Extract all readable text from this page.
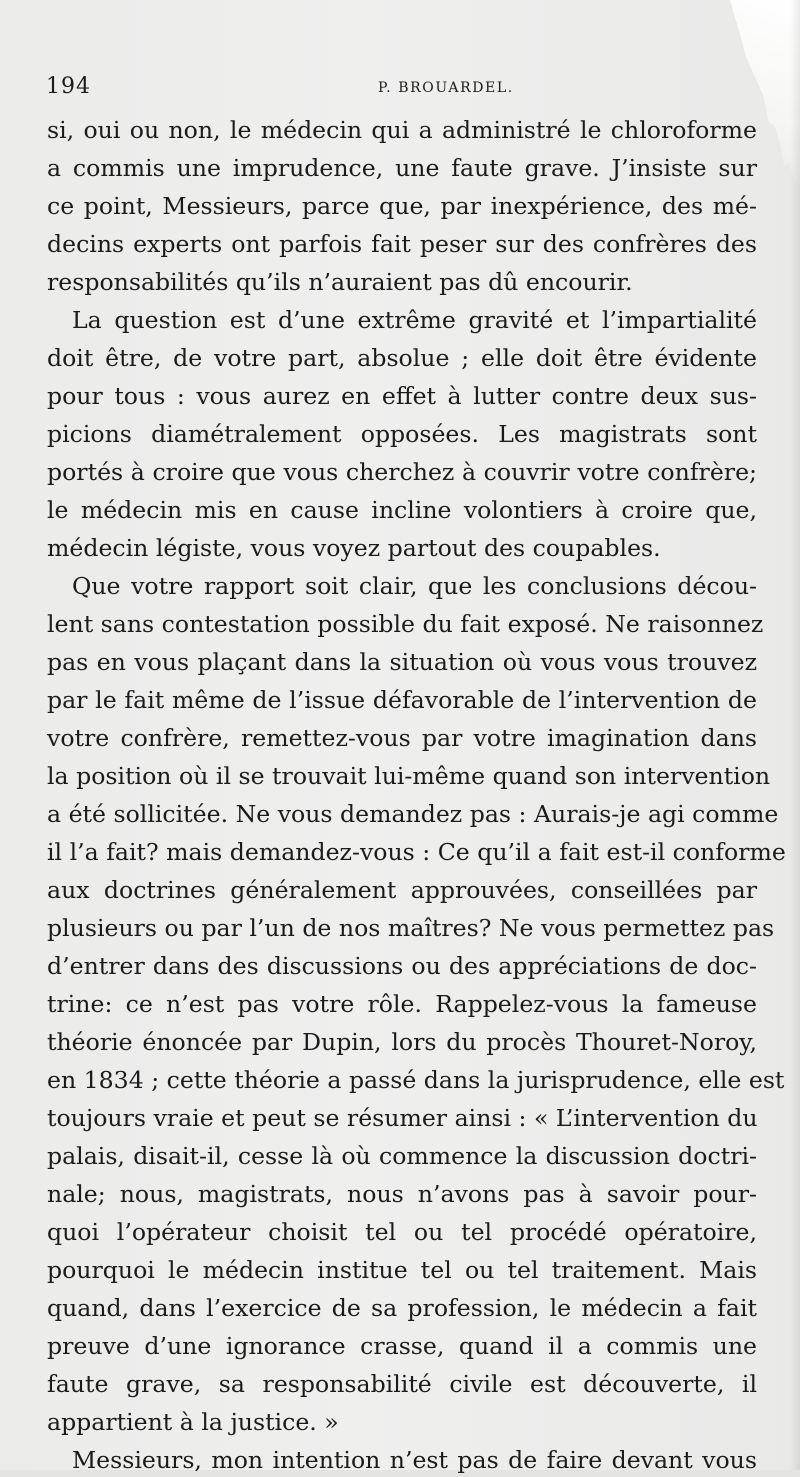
194	P. BROUARDEL.
si, oui ou non, le médecin qui a administré le chloroforme
a commis une imprudence, une faute grave. J’insiste sur
ce point, Messieurs, parce que, par inexpérience, des mé-
decins experts ont parfois fait peser sur des confrères des
responsabilités qu’ils n’auraient pas dû encourir.
La question est d’une extrême gravité et l’impartialité
doit être, de votre part, absolue ; elle doit être évidente
pour tous : vous aurez en effet à lutter contre deux sus-
picions diamétralement opposées. Les magistrats sont
portés à croire que vous cherchez à couvrir votre confrère;
le médecin mis en cause incline volontiers à croire que,
médecin légiste, vous voyez partout des coupables.
Que votre rapport soit clair, que les conclusions décou-
lent sans contestation possible du fait exposé. Ne raisonnez
pas en vous plaçant dans la situation où vous vous trouvez
par le fait même de l’issue défavorable de l’intervention de
votre confrère, remettez-vous par votre imagination dans
la position où il se trouvait lui-même quand son intervention
a été sollicitée. Ne vous demandez pas : Aurais-je agi comme
il l’a fait? mais demandez-vous : Ce qu’il a fait est-il conforme
aux doctrines généralement approuvées, conseillées par
plusieurs ou par l’un de nos maîtres? Ne vous permettez pas
d’entrer dans des discussions ou des appréciations de doc-
trine: ce n’est pas votre rôle. Rappelez-vous la fameuse
théorie énoncée par Dupin, lors du procès Thouret-Noroy,
en 1834 ; cette théorie a passé dans la jurisprudence, elle est
toujours vraie et peut se résumer ainsi : « L’intervention du
palais, disait-il, cesse là où commence la discussion doctri-
nale; nous, magistrats, nous n’avons pas à savoir pour-
quoi l’opérateur choisit tel ou tel procédé opératoire,
pourquoi le médecin institue tel ou tel traitement. Mais
quand, dans l’exercice de sa profession, le médecin a fait
preuve d’une ignorance crasse, quand il a commis une
faute grave, sa responsabilité civile est découverte, il
appartient à la justice. »
Messieurs, mon intention n’est pas de faire devant vous
